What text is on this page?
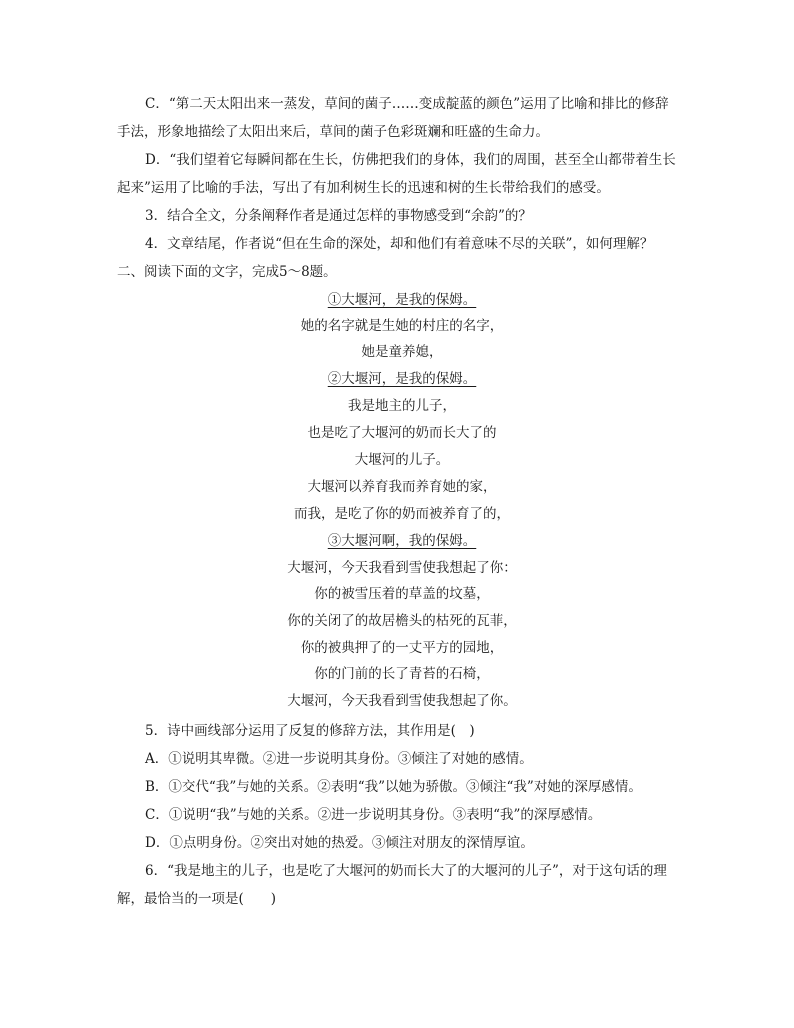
C．“第二天太阳出来一蒸发，草间的菌子……变成靛蓝的颜色”运用了比喻和排比的修辞
手法，形象地描绘了太阳出来后，草间的菌子色彩斑斓和旺盛的生命力。
D．“我们望着它每瞬间都在生长，仿佛把我们的身体，我们的周围，甚至全山都带着生长
起来”运用了比喻的手法，写出了有加利树生长的迅速和树的生长带给我们的感受。
3．结合全文，分条阐释作者是通过怎样的事物感受到“余韵”的？
4．文章结尾，作者说“但在生命的深处，却和他们有着意味不尽的关联”，如何理解？
二、阅读下面的文字，完成5～8题。
①大堰河，是我的保姆。
她的名字就是生她的村庄的名字，
她是童养媳，
②大堰河，是我的保姆。
我是地主的儿子，
也是吃了大堰河的奶而长大了的
大堰河的儿子。
大堰河以养育我而养育她的家，
而我，是吃了你的奶而被养育了的，
③大堰河啊，我的保姆。
大堰河，今天我看到雪使我想起了你：
你的被雪压着的草盖的坟墓，
你的关闭了的故居檐头的枯死的瓦菲，
你的被典押了的一丈平方的园地，
你的门前的长了青苔的石椅，
大堰河，今天我看到雪使我想起了你。
5．诗中画线部分运用了反复的修辞方法，其作用是(　)
A．①说明其卑微。②进一步说明其身份。③倾注了对她的感情。
B．①交代“我”与她的关系。②表明“我”以她为骄傲。③倾注“我”对她的深厚感情。
C．①说明“我”与她的关系。②进一步说明其身份。③表明“我”的深厚感情。
D．①点明身份。②突出对她的热爱。③倾注对朋友的深情厚谊。
6．“我是地主的儿子，也是吃了大堰河的奶而长大了的大堰河的儿子”，对于这句话的理
解，最恰当的一项是(　　)
